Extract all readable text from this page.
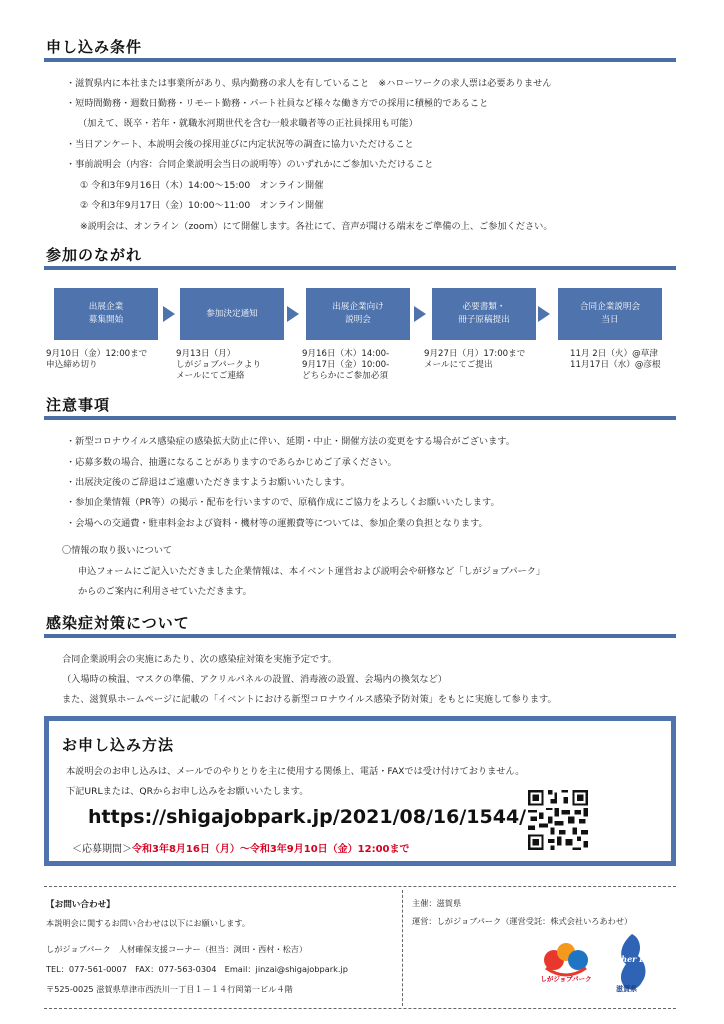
申し込み条件
・滋賀県内に本社または事業所があり、県内勤務の求人を有していること　※ハローワークの求人票は必要ありません
・短時間勤務・週数日勤務・リモート勤務・パート社員など様々な働き方での採用に積極的であること
（加えて、既卒・若年・就職氷河期世代を含む一般求職者等の正社員採用も可能）
・当日アンケート、本説明会後の採用並びに内定状況等の調査に協力いただけること
・事前説明会（内容：合同企業説明会当日の説明等）のいずれかにご参加いただけること
① 令和3年9月16日（木）14:00～15:00　オンライン開催
② 令和3年9月17日（金）10:00～11:00　オンライン開催
※説明会は、オンライン（zoom）にて開催します。各社にて、音声が聞ける端末をご準備の上、ご参加ください。
参加のながれ
出展企業
募集開始
参加決定通知
出展企業向け
説明会
必要書類・
冊子原稿提出
合同企業説明会
当日
9月10日（金）12:00まで
申込締め切り
9月13日（月）
しがジョブパークより
メールにてご連絡
9月16日（木）14:00-
9月17日（金）10:00-
どちらかにご参加必須
9月27日（月）17:00まで
メールにてご提出
11月 2日（火）@草津
11月17日（水）@彦根
注意事項
・新型コロナウイルス感染症の感染拡大防止に伴い、延期・中止・開催方法の変更をする場合がございます。
・応募多数の場合、抽選になることがありますのであらかじめご了承ください。
・出展決定後のご辞退はご遠慮いただきますようお願いいたします。
・参加企業情報（PR等）の掲示・配布を行いますので、原稿作成にご協力をよろしくお願いいたします。
・会場への交通費・駐車料金および資料・機材等の運搬費等については、参加企業の負担となります。
〇情報の取り扱いについて
申込フォームにご記入いただきました企業情報は、本イベント運営および説明会や研修など「しがジョブパーク」
からのご案内に利用させていただきます。
感染症対策について
合同企業説明会の実施にあたり、次の感染症対策を実施予定です。
（入場時の検温、マスクの準備、アクリルパネルの設置、消毒液の設置、会場内の換気など）
また、滋賀県ホームページに記載の「イベントにおける新型コロナウイルス感染予防対策」をもとに実施して参ります。
お申し込み方法
本説明会のお申し込みは、メールでのやりとりを主に使用する関係上、電話・FAXでは受け付けておりません。
下記URLまたは、QRからお申し込みをお願いいたします。
https://shigajobpark.jp/2021/08/16/1544/
＜応募期間＞令和3年8月16日（月）～令和3年9月10日（金）12:00まで
【お問い合わせ】
本説明会に関するお問い合わせは以下にお願いします。
しがジョブパーク　人材確保支援コーナー（担当：渕田・西村・松吉）
TEL：077-561-0007　FAX：077-563-0304　Email：jinzai@shigajobpark.jp
〒525-0025 滋賀県草津市西渋川一丁目１－１４行岡第一ビル４階
主催：滋賀県
運営：しがジョブパーク（運営受託：株式会社いろあわせ）
しがジョブパーク
Mother Lake
滋賀県
